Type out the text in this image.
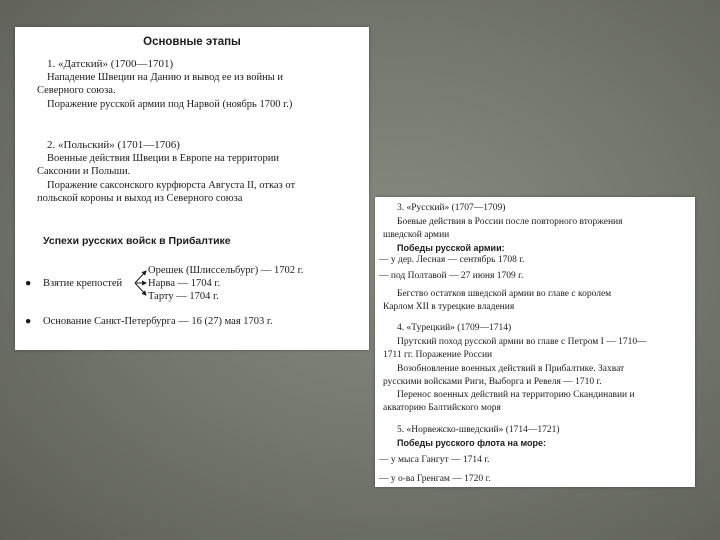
Основные этапы
1. «Датский» (1700—1701)
Нападение Швеции на Данию и вывод ее из войны и
Северного союза.
Поражение русской армии под Нарвой (ноябрь 1700 г.)
2. «Польский» (1701—1706)
Военные действия Швеции в Европе на территории
Саксонии и Польши.
Поражение саксонского курфюрста Августа II, отказ от
польской короны и выход из Северного союза
Успехи русских войск в Прибалтике
Орешек (Шлиссельбург) — 1702 г.
● Взятие крепостей Нарва — 1704 г.
Тарту — 1704 г.
● Основание Санкт-Петербурга — 16 (27) мая 1703 г.
3. «Русский» (1707—1709)
Боевые действия в России после повторного вторжения
шведской армии
Победы русской армии:
— у дер. Лесная — сентябрь 1708 г.
— под Полтавой — 27 июня 1709 г.
Бегство остатков шведской армии во главе с королем
Карлом XII в турецкие владения
4. «Турецкий» (1709—1714)
Прутский поход русской армии во главе с Петром I — 1710—
1711 гг. Поражение России
Возобновление военных действий в Прибалтике. Захват
русскими войсками Риги, Выборга и Ревеля — 1710 г.
Перенос военных действий на территорию Скандинавии и
акваторию Балтийского моря
5. «Норвежско-шведский» (1714—1721)
Победы русского флота на море:
— у мыса Гангут — 1714 г.
— у о-ва Гренгам — 1720 г.
